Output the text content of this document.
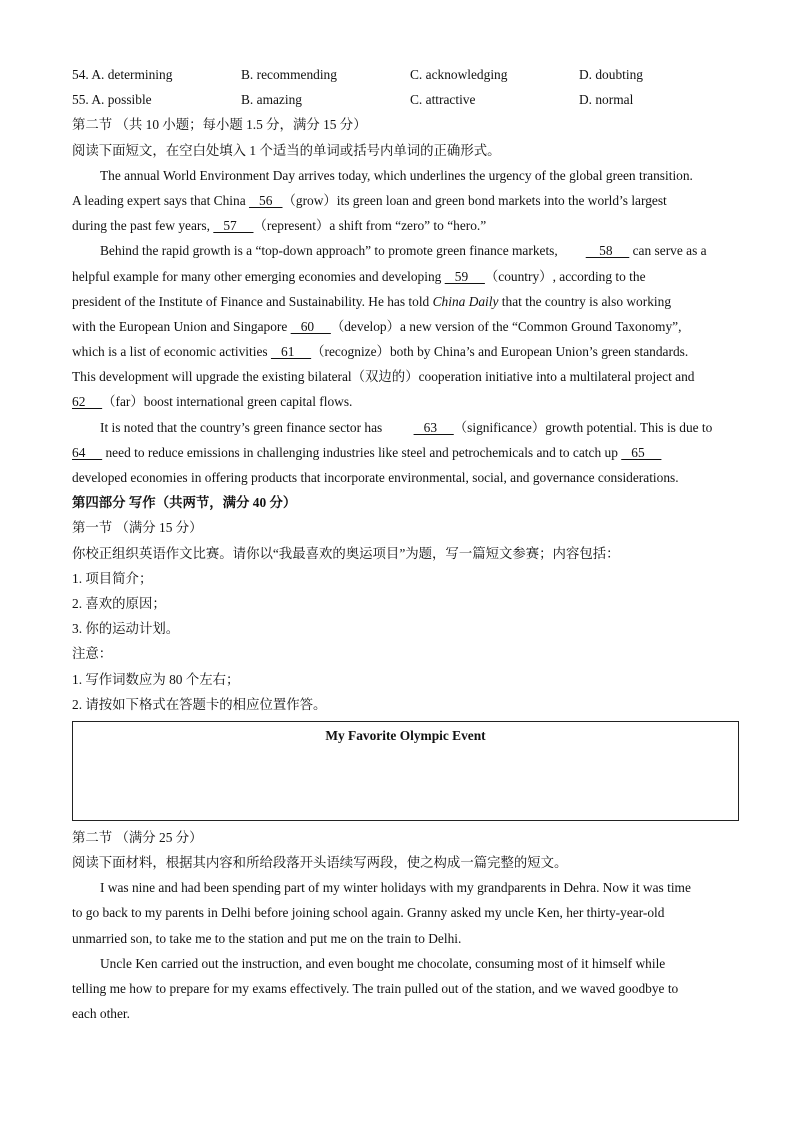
54. A. determining	B. recommending	C. acknowledging	D. doubting
55. A. possible	B. amazing	C. attractive	D. normal
第二节 （共 10 小题；每小题 1.5 分，满分 15 分）
阅读下面短文，在空白处填入 1 个适当的单词或括号内单词的正确形式。
The annual World Environment Day arrives today, which underlines the urgency of the global green transition.
A leading expert says that China    56   （grow）its green loan and green bond markets into the world’s largest
during the past few years,    57     （represent）a shift from “zero” to “hero.”
Behind the rapid growth is a “top-down approach” to promote green finance markets,    58      can serve as a
helpful example for many other emerging economies and developing    59     （country）, according to the
president of the Institute of Finance and Sustainability. He has told China Daily that the country is also working
with the European Union and Singapore    60     （develop）a new version of the “Common Ground Taxonomy”,
which is a list of economic activities    61     （recognize）both by China’s and European Union’s green standards.
This development will upgrade the existing bilateral（双边的）cooperation initiative into a multilateral project and
62     （far）boost international green capital flows.
It is noted that the country’s green finance sector has    63     （significance）growth potential. This is due to
64      need to reduce emissions in challenging industries like steel and petrochemicals and to catch up    65
developed economies in offering products that incorporate environmental, social, and governance considerations.
第四部分 写作（共两节，满分 40 分）
第一节 （满分 15 分）
你校正组织英语作文比赛。请你以“我最喜欢的奥运项目”为题，写一篇短文参赛；内容包括：
1. 项目简介；
2. 喜欢的原因；
3. 你的运动计划。
注意：
1. 写作词数应为 80 个左右；
2. 请按如下格式在答题卡的相应位置作答。
My Favorite Olympic Event
第二节 （满分 25 分）
阅读下面材料，根据其内容和所给段落开头语续写两段，使之构成一篇完整的短文。
I was nine and had been spending part of my winter holidays with my grandparents in Dehra. Now it was time
to go back to my parents in Delhi before joining school again. Granny asked my uncle Ken, her thirty-year-old
unmarried son, to take me to the station and put me on the train to Delhi.
Uncle Ken carried out the instruction, and even bought me chocolate, consuming most of it himself while
telling me how to prepare for my exams effectively. The train pulled out of the station, and we waved goodbye to
each other.
